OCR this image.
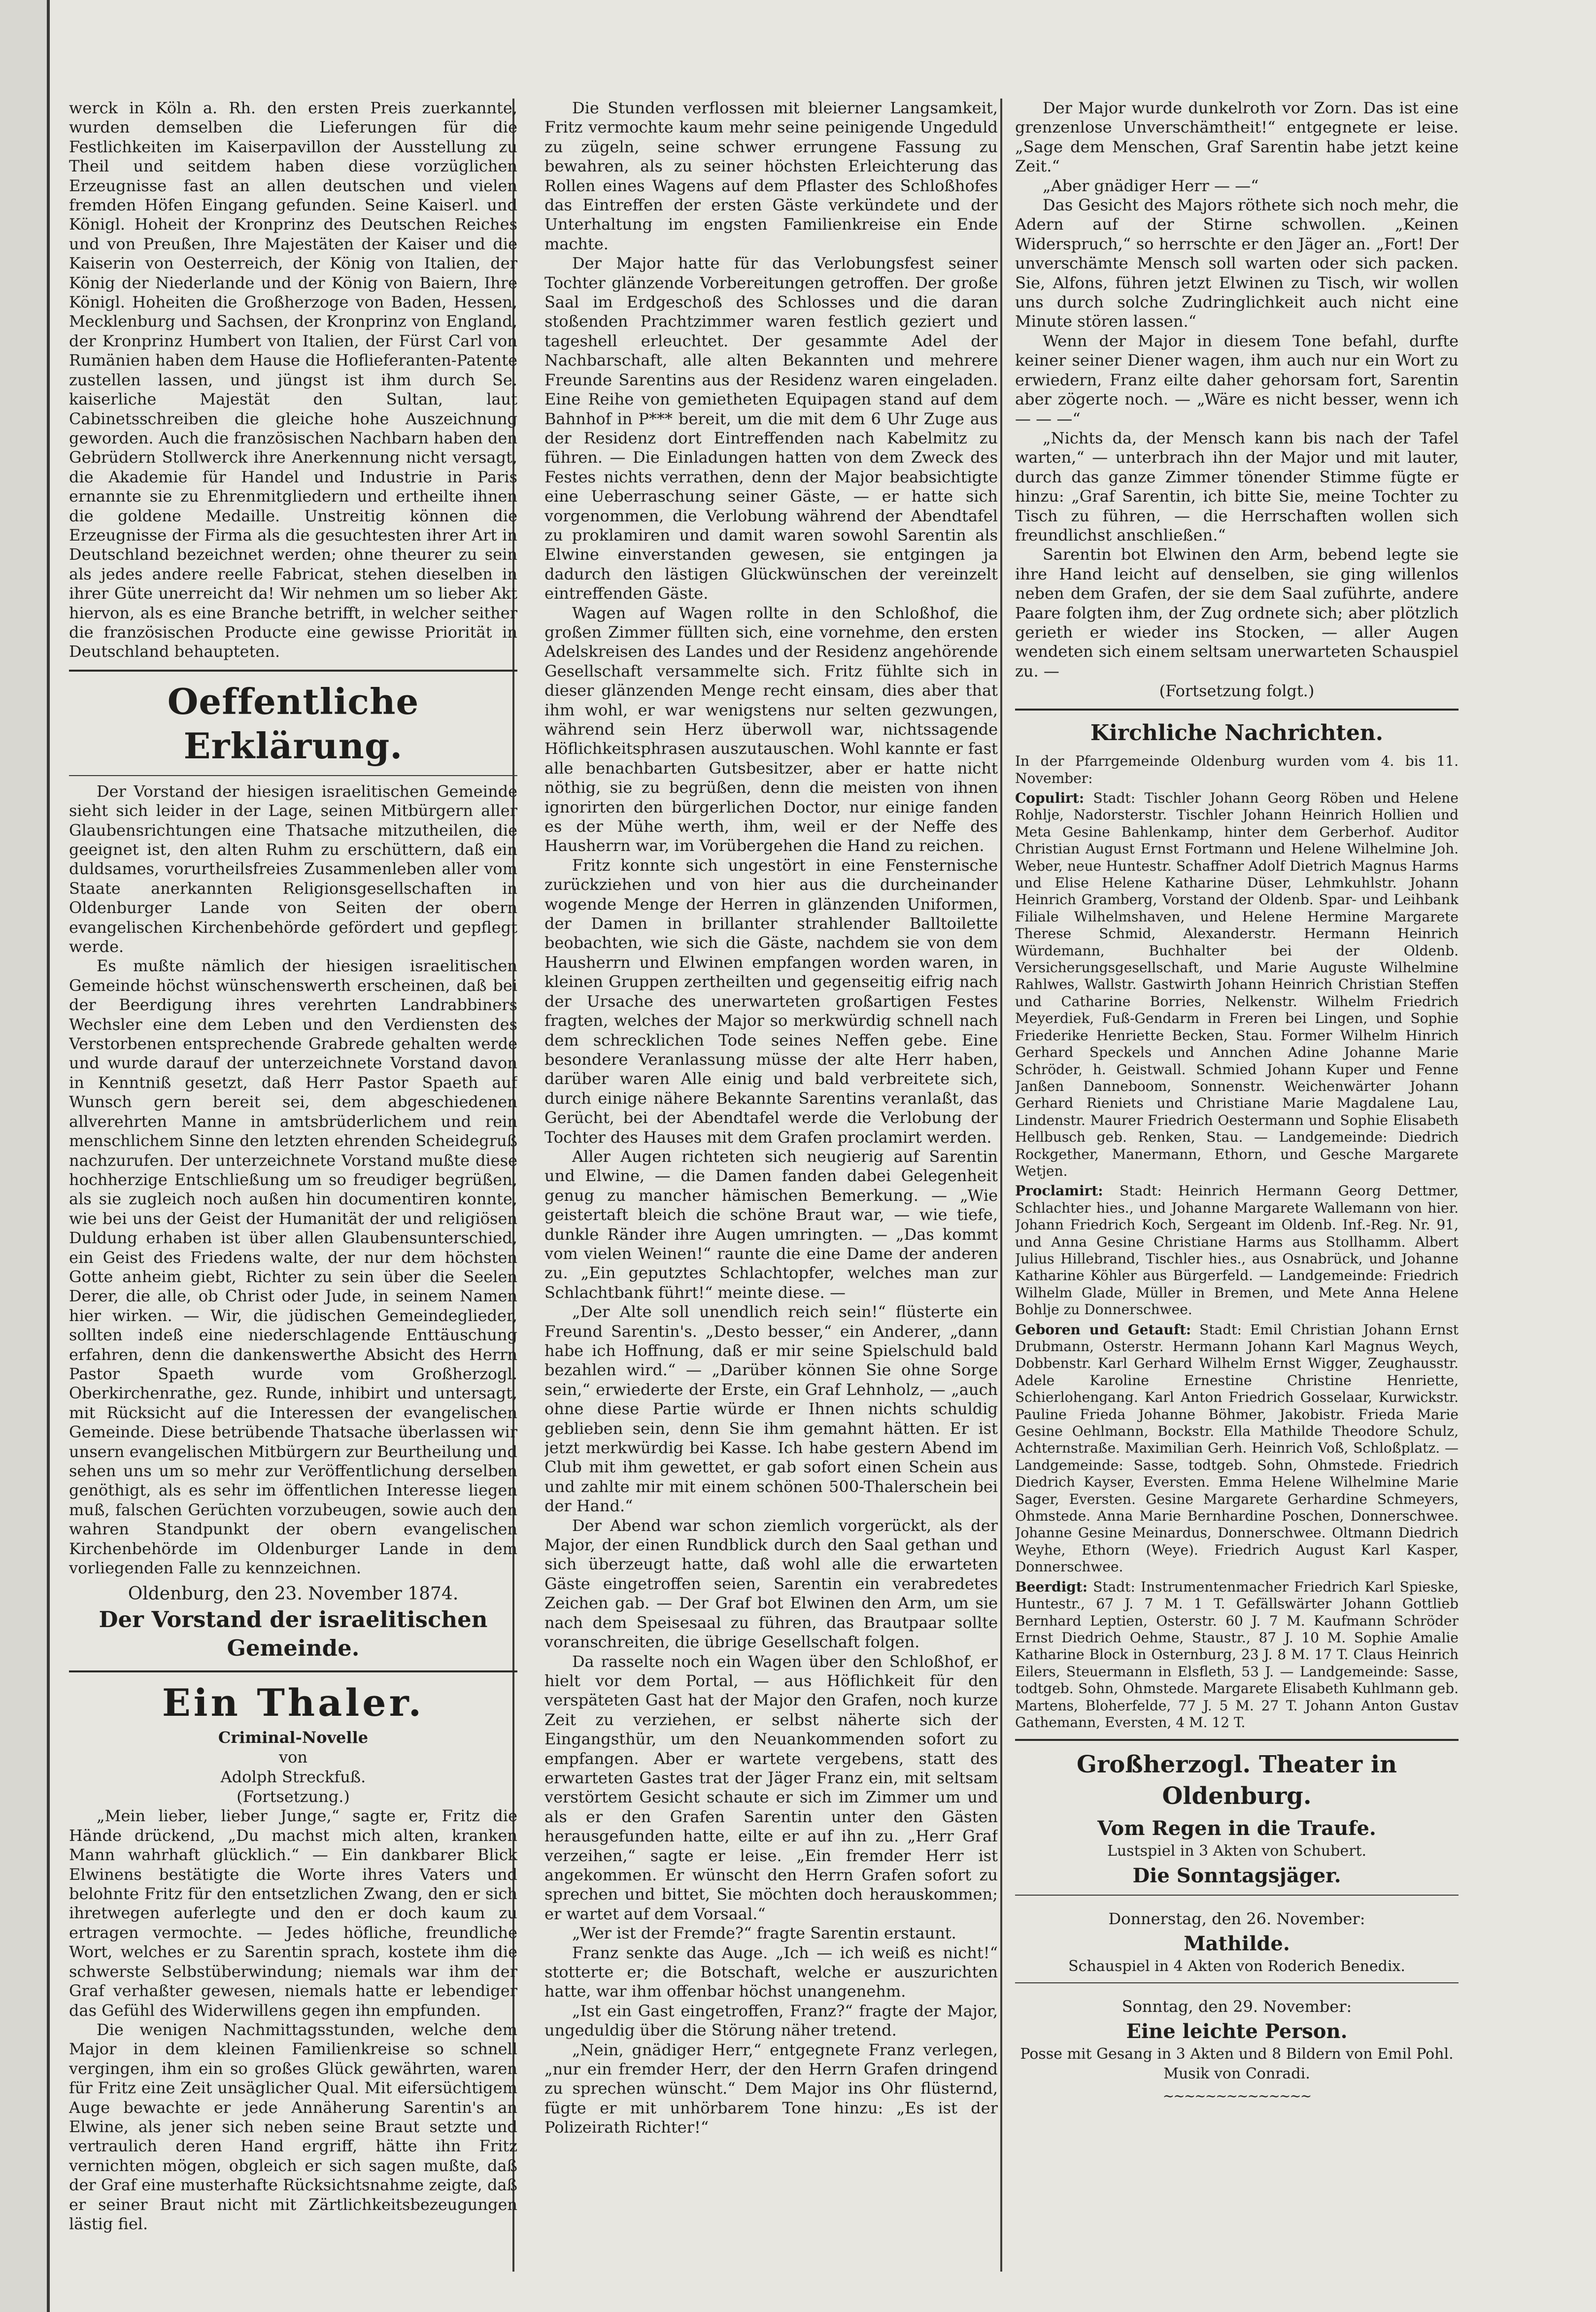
werck in Köln a. Rh. den ersten Preis zuerkannte, wurden demselben die Lieferungen für die Festlichkeiten im Kaiserpavillon der Ausstellung zu Theil und seitdem haben diese vorzüglichen Erzeugnisse fast an allen deutschen und vielen fremden Höfen Eingang gefunden. Seine Kaiserl. und Königl. Hoheit der Kronprinz des Deutschen Reiches und von Preußen, Ihre Majestäten der Kaiser und die Kaiserin von Oesterreich, der König von Italien, der König der Niederlande und der König von Baiern, Ihre Königl. Hoheiten die Großherzoge von Baden, Hessen, Mecklenburg und Sachsen, der Kronprinz von England, der Kronprinz Humbert von Italien, der Fürst Carl von Rumänien haben dem Hause die Hoflieferanten-Patente zustellen lassen, und jüngst ist ihm durch Se. kaiserliche Majestät den Sultan, laut Cabinetsschreiben die gleiche hohe Auszeichnung geworden. Auch die französischen Nachbarn haben den Gebrüdern Stollwerck ihre Anerkennung nicht versagt, die Akademie für Handel und Industrie in Paris ernannte sie zu Ehrenmitgliedern und ertheilte ihnen die goldene Medaille. Unstreitig können die Erzeugnisse der Firma als die gesuchtesten ihrer Art in Deutschland bezeichnet werden; ohne theurer zu sein als jedes andere reelle Fabricat, stehen dieselben in ihrer Güte unerreicht da! Wir nehmen um so lieber Akt hiervon, als es eine Branche betrifft, in welcher seither die französischen Producte eine gewisse Priorität in Deutschland behaupteten.

Oeffentliche Erklärung.

Der Vorstand der hiesigen israelitischen Gemeinde sieht sich leider in der Lage, seinen Mitbürgern aller Glaubensrichtungen eine Thatsache mitzutheilen, die geeignet ist, den alten Ruhm zu erschüttern, daß ein duldsames, vorurtheilsfreies Zusammenleben aller vom Staate anerkannten Religionsgesellschaften in Oldenburger Lande von Seiten der obern evangelischen Kirchenbehörde gefördert und gepflegt werde.

Es mußte nämlich der hiesigen israelitischen Gemeinde höchst wünschenswerth erscheinen, daß bei der Beerdigung ihres verehrten Landrabbiners Wechsler eine dem Leben und den Verdiensten des Verstorbenen entsprechende Grabrede gehalten werde und wurde darauf der unterzeichnete Vorstand davon in Kenntniß gesetzt, daß Herr Pastor Spaeth auf Wunsch gern bereit sei, dem abgeschiedenen allverehrten Manne in amtsbrüderlichem und rein menschlichem Sinne den letzten ehrenden Scheidegruß nachzurufen. Der unterzeichnete Vorstand mußte diese hochherzige Entschließung um so freudiger begrüßen, als sie zugleich noch außen hin documentiren konnte, wie bei uns der Geist der Humanität der und religiösen Duldung erhaben ist über allen Glaubensunterschied, ein Geist des Friedens walte, der nur dem höchsten Gotte anheim giebt, Richter zu sein über die Seelen Derer, die alle, ob Christ oder Jude, in seinem Namen hier wirken. — Wir, die jüdischen Gemeindeglieder, sollten indeß eine niederschlagende Enttäuschung erfahren, denn die dankenswerthe Absicht des Herrn Pastor Spaeth wurde vom Großherzogl. Oberkirchenrathe, gez. Runde, inhibirt und untersagt, mit Rücksicht auf die Interessen der evangelischen Gemeinde. Diese betrübende Thatsache überlassen wir unsern evangelischen Mitbürgern zur Beurtheilung und sehen uns um so mehr zur Veröffentlichung derselben genöthigt, als es sehr im öffentlichen Interesse liegen muß, falschen Gerüchten vorzubeugen, sowie auch den wahren Standpunkt der obern evangelischen Kirchenbehörde im Oldenburger Lande in dem vorliegenden Falle zu kennzeichnen.

Oldenburg, den 23. November 1874.

Der Vorstand der israelitischen Gemeinde.

Ein Thaler.

Criminal-Novelle

von

Adolph Streckfuß.

(Fortsetzung.)

„Mein lieber, lieber Junge,“ sagte er, Fritz die Hände drückend, „Du machst mich alten, kranken Mann wahrhaft glücklich.“ — Ein dankbarer Blick Elwinens bestätigte die Worte ihres Vaters und belohnte Fritz für den entsetzlichen Zwang, den er sich ihretwegen auferlegte und den er doch kaum zu ertragen vermochte. — Jedes höfliche, freundliche Wort, welches er zu Sarentin sprach, kostete ihm die schwerste Selbstüberwindung; niemals war ihm der Graf verhaßter gewesen, niemals hatte er lebendiger das Gefühl des Widerwillens gegen ihn empfunden.

Die wenigen Nachmittagsstunden, welche dem Major in dem kleinen Familienkreise so schnell vergingen, ihm ein so großes Glück gewährten, waren für Fritz eine Zeit unsäglicher Qual. Mit eifersüchtigem Auge bewachte er jede Annäherung Sarentin's an Elwine, als jener sich neben seine Braut setzte und vertraulich deren Hand ergriff, hätte ihn Fritz vernichten mögen, obgleich er sich sagen mußte, daß der Graf eine musterhafte Rücksichtsnahme zeigte, daß er seiner Braut nicht mit Zärtlichkeitsbezeugungen lästig fiel.

Die Stunden verflossen mit bleierner Langsamkeit, Fritz vermochte kaum mehr seine peinigende Ungeduld zu zügeln, seine schwer errungene Fassung zu bewahren, als zu seiner höchsten Erleichterung das Rollen eines Wagens auf dem Pflaster des Schloßhofes das Eintreffen der ersten Gäste verkündete und der Unterhaltung im engsten Familienkreise ein Ende machte.

Der Major hatte für das Verlobungsfest seiner Tochter glänzende Vorbereitungen getroffen. Der große Saal im Erdgeschoß des Schlosses und die daran stoßenden Prachtzimmer waren festlich geziert und tageshell erleuchtet. Der gesammte Adel der Nachbarschaft, alle alten Bekannten und mehrere Freunde Sarentins aus der Residenz waren eingeladen. Eine Reihe von gemietheten Equipagen stand auf dem Bahnhof in P*** bereit, um die mit dem 6 Uhr Zuge aus der Residenz dort Eintreffenden nach Kabelmitz zu führen. — Die Einladungen hatten von dem Zweck des Festes nichts verrathen, denn der Major beabsichtigte eine Ueberraschung seiner Gäste, — er hatte sich vorgenommen, die Verlobung während der Abendtafel zu proklamiren und damit waren sowohl Sarentin als Elwine einverstanden gewesen, sie entgingen ja dadurch den lästigen Glückwünschen der vereinzelt eintreffenden Gäste.

Wagen auf Wagen rollte in den Schloßhof, die großen Zimmer füllten sich, eine vornehme, den ersten Adelskreisen des Landes und der Residenz angehörende Gesellschaft versammelte sich. Fritz fühlte sich in dieser glänzenden Menge recht einsam, dies aber that ihm wohl, er war wenigstens nur selten gezwungen, während sein Herz überwoll war, nichtssagende Höflichkeitsphrasen auszutauschen. Wohl kannte er fast alle benachbarten Gutsbesitzer, aber er hatte nicht nöthig, sie zu begrüßen, denn die meisten von ihnen ignorirten den bürgerlichen Doctor, nur einige fanden es der Mühe werth, ihm, weil er der Neffe des Hausherrn war, im Vorübergehen die Hand zu reichen.

Fritz konnte sich ungestört in eine Fensternische zurückziehen und von hier aus die durcheinander wogende Menge der Herren in glänzenden Uniformen, der Damen in brillanter strahlender Balltoilette beobachten, wie sich die Gäste, nachdem sie von dem Hausherrn und Elwinen empfangen worden waren, in kleinen Gruppen zertheilten und gegenseitig eifrig nach der Ursache des unerwarteten großartigen Festes fragten, welches der Major so merkwürdig schnell nach dem schrecklichen Tode seines Neffen gebe. Eine besondere Veranlassung müsse der alte Herr haben, darüber waren Alle einig und bald verbreitete sich, durch einige nähere Bekannte Sarentins veranlaßt, das Gerücht, bei der Abendtafel werde die Verlobung der Tochter des Hauses mit dem Grafen proclamirt werden.

Aller Augen richteten sich neugierig auf Sarentin und Elwine, — die Damen fanden dabei Gelegenheit genug zu mancher hämischen Bemerkung. — „Wie geistertaft bleich die schöne Braut war, — wie tiefe, dunkle Ränder ihre Augen umringten. — „Das kommt vom vielen Weinen!“ raunte die eine Dame der anderen zu. „Ein geputztes Schlachtopfer, welches man zur Schlachtbank führt!“ meinte diese. —

„Der Alte soll unendlich reich sein!“ flüsterte ein Freund Sarentin's. „Desto besser,“ ein Anderer, „dann habe ich Hoffnung, daß er mir seine Spielschuld bald bezahlen wird.“ — „Darüber können Sie ohne Sorge sein,“ erwiederte der Erste, ein Graf Lehnholz, — „auch ohne diese Partie würde er Ihnen nichts schuldig geblieben sein, denn Sie ihm gemahnt hätten. Er ist jetzt merkwürdig bei Kasse. Ich habe gestern Abend im Club mit ihm gewettet, er gab sofort einen Schein aus und zahlte mir mit einem schönen 500-Thalerschein bei der Hand.“

Der Abend war schon ziemlich vorgerückt, als der Major, der einen Rundblick durch den Saal gethan und sich überzeugt hatte, daß wohl alle die erwarteten Gäste eingetroffen seien, Sarentin ein verabredetes Zeichen gab. — Der Graf bot Elwinen den Arm, um sie nach dem Speisesaal zu führen, das Brautpaar sollte voranschreiten, die übrige Gesellschaft folgen.

Da rasselte noch ein Wagen über den Schloßhof, er hielt vor dem Portal, — aus Höflichkeit für den verspäteten Gast hat der Major den Grafen, noch kurze Zeit zu verziehen, er selbst näherte sich der Eingangsthür, um den Neuankommenden sofort zu empfangen. Aber er wartete vergebens, statt des erwarteten Gastes trat der Jäger Franz ein, mit seltsam verstörtem Gesicht schaute er sich im Zimmer um und als er den Grafen Sarentin unter den Gästen herausgefunden hatte, eilte er auf ihn zu. „Herr Graf verzeihen,“ sagte er leise. „Ein fremder Herr ist angekommen. Er wünscht den Herrn Grafen sofort zu sprechen und bittet, Sie möchten doch herauskommen; er wartet auf dem Vorsaal.“

„Wer ist der Fremde?“ fragte Sarentin erstaunt.

Franz senkte das Auge. „Ich — ich weiß es nicht!“ stotterte er; die Botschaft, welche er auszurichten hatte, war ihm offenbar höchst unangenehm.

„Ist ein Gast eingetroffen, Franz?“ fragte der Major, ungeduldig über die Störung näher tretend.

„Nein, gnädiger Herr,“ entgegnete Franz verlegen, „nur ein fremder Herr, der den Herrn Grafen dringend zu sprechen wünscht.“ Dem Major ins Ohr flüsternd, fügte er mit unhörbarem Tone hinzu: „Es ist der Polizeirath Richter!“

Der Major wurde dunkelroth vor Zorn. Das ist eine grenzenlose Unverschämtheit!“ entgegnete er leise. „Sage dem Menschen, Graf Sarentin habe jetzt keine Zeit.“

„Aber gnädiger Herr — —“

Das Gesicht des Majors röthete sich noch mehr, die Adern auf der Stirne schwollen. „Keinen Widerspruch,“ so herrschte er den Jäger an. „Fort! Der unverschämte Mensch soll warten oder sich packen. Sie, Alfons, führen jetzt Elwinen zu Tisch, wir wollen uns durch solche Zudringlichkeit auch nicht eine Minute stören lassen.“

Wenn der Major in diesem Tone befahl, durfte keiner seiner Diener wagen, ihm auch nur ein Wort zu erwiedern, Franz eilte daher gehorsam fort, Sarentin aber zögerte noch. — „Wäre es nicht besser, wenn ich — — —“

„Nichts da, der Mensch kann bis nach der Tafel warten,“ — unterbrach ihn der Major und mit lauter, durch das ganze Zimmer tönender Stimme fügte er hinzu: „Graf Sarentin, ich bitte Sie, meine Tochter zu Tisch zu führen, — die Herrschaften wollen sich freundlichst anschließen.“

Sarentin bot Elwinen den Arm, bebend legte sie ihre Hand leicht auf denselben, sie ging willenlos neben dem Grafen, der sie dem Saal zuführte, andere Paare folgten ihm, der Zug ordnete sich; aber plötzlich gerieth er wieder ins Stocken, — aller Augen wendeten sich einem seltsam unerwarteten Schauspiel zu. —

(Fortsetzung folgt.)

Kirchliche Nachrichten.

In der Pfarrgemeinde Oldenburg wurden vom 4. bis 11. November:

Copulirt: Stadt: Tischler Johann Georg Röben und Helene Rohlje, Nadorsterstr. Tischler Johann Heinrich Hollien und Meta Gesine Bahlenkamp, hinter dem Gerberhof. Auditor Christian August Ernst Fortmann und Helene Wilhelmine Joh. Weber, neue Huntestr. Schaffner Adolf Dietrich Magnus Harms und Elise Helene Katharine Düser, Lehmkuhlstr. Johann Heinrich Gramberg, Vorstand der Oldenb. Spar- und Leihbank Filiale Wilhelmshaven, und Helene Hermine Margarete Therese Schmid, Alexanderstr. Hermann Heinrich Würdemann, Buchhalter bei der Oldenb. Versicherungsgesellschaft, und Marie Auguste Wilhelmine Rahlwes, Wallstr. Gastwirth Johann Heinrich Christian Steffen und Catharine Borries, Nelkenstr. Wilhelm Friedrich Meyerdiek, Fuß-Gendarm in Freren bei Lingen, und Sophie Friederike Henriette Becken, Stau. Former Wilhelm Hinrich Gerhard Speckels und Annchen Adine Johanne Marie Schröder, h. Geistwall. Schmied Johann Kuper und Fenne Janßen Danneboom, Sonnenstr. Weichenwärter Johann Gerhard Rieniets und Christiane Marie Magdalene Lau, Lindenstr. Maurer Friedrich Oestermann und Sophie Elisabeth Hellbusch geb. Renken, Stau. — Landgemeinde: Diedrich Rockgether, Manermann, Ethorn, und Gesche Margarete Wetjen.

Proclamirt: Stadt: Heinrich Hermann Georg Dettmer, Schlachter hies., und Johanne Margarete Wallemann von hier. Johann Friedrich Koch, Sergeant im Oldenb. Inf.-Reg. Nr. 91, und Anna Gesine Christiane Harms aus Stollhamm. Albert Julius Hillebrand, Tischler hies., aus Osnabrück, und Johanne Katharine Köhler aus Bürgerfeld. — Landgemeinde: Friedrich Wilhelm Glade, Müller in Bremen, und Mete Anna Helene Bohlje zu Donnerschwee.

Geboren und Getauft: Stadt: Emil Christian Johann Ernst Drubmann, Osterstr. Hermann Johann Karl Magnus Weych, Dobbenstr. Karl Gerhard Wilhelm Ernst Wigger, Zeughausstr. Adele Karoline Ernestine Christine Henriette, Schierlohengang. Karl Anton Friedrich Gosselaar, Kurwickstr. Pauline Frieda Johanne Böhmer, Jakobistr. Frieda Marie Gesine Oehlmann, Bockstr. Ella Mathilde Theodore Schulz, Achternstraße. Maximilian Gerh. Heinrich Voß, Schloßplatz. — Landgemeinde: Sasse, todtgeb. Sohn, Ohmstede. Friedrich Diedrich Kayser, Eversten. Emma Helene Wilhelmine Marie Sager, Eversten. Gesine Margarete Gerhardine Schmeyers, Ohmstede. Anna Marie Bernhardine Poschen, Donnerschwee. Johanne Gesine Meinardus, Donnerschwee. Oltmann Diedrich Weyhe, Ethorn (Weye). Friedrich August Karl Kasper, Donnerschwee.

Beerdigt: Stadt: Instrumentenmacher Friedrich Karl Spieske, Huntestr., 67 J. 7 M. 1 T. Gefällswärter Johann Gottlieb Bernhard Leptien, Osterstr. 60 J. 7 M. Kaufmann Schröder Ernst Diedrich Oehme, Staustr., 87 J. 10 M. Sophie Amalie Katharine Block in Osternburg, 23 J. 8 M. 17 T. Claus Heinrich Eilers, Steuermann in Elsfleth, 53 J. — Landgemeinde: Sasse, todtgeb. Sohn, Ohmstede. Margarete Elisabeth Kuhlmann geb. Martens, Bloherfelde, 77 J. 5 M. 27 T. Johann Anton Gustav Gathemann, Eversten, 4 M. 12 T.

Großherzogl. Theater in Oldenburg.

Vom Regen in die Traufe.

Lustspiel in 3 Akten von Schubert.

Die Sonntagsjäger.

Donnerstag, den 26. November:

Mathilde.

Schauspiel in 4 Akten von Roderich Benedix.

Sonntag, den 29. November:

Eine leichte Person.

Posse mit Gesang in 3 Akten und 8 Bildern von Emil Pohl. Musik von Conradi.

~~~~~~~~~~~~~~
